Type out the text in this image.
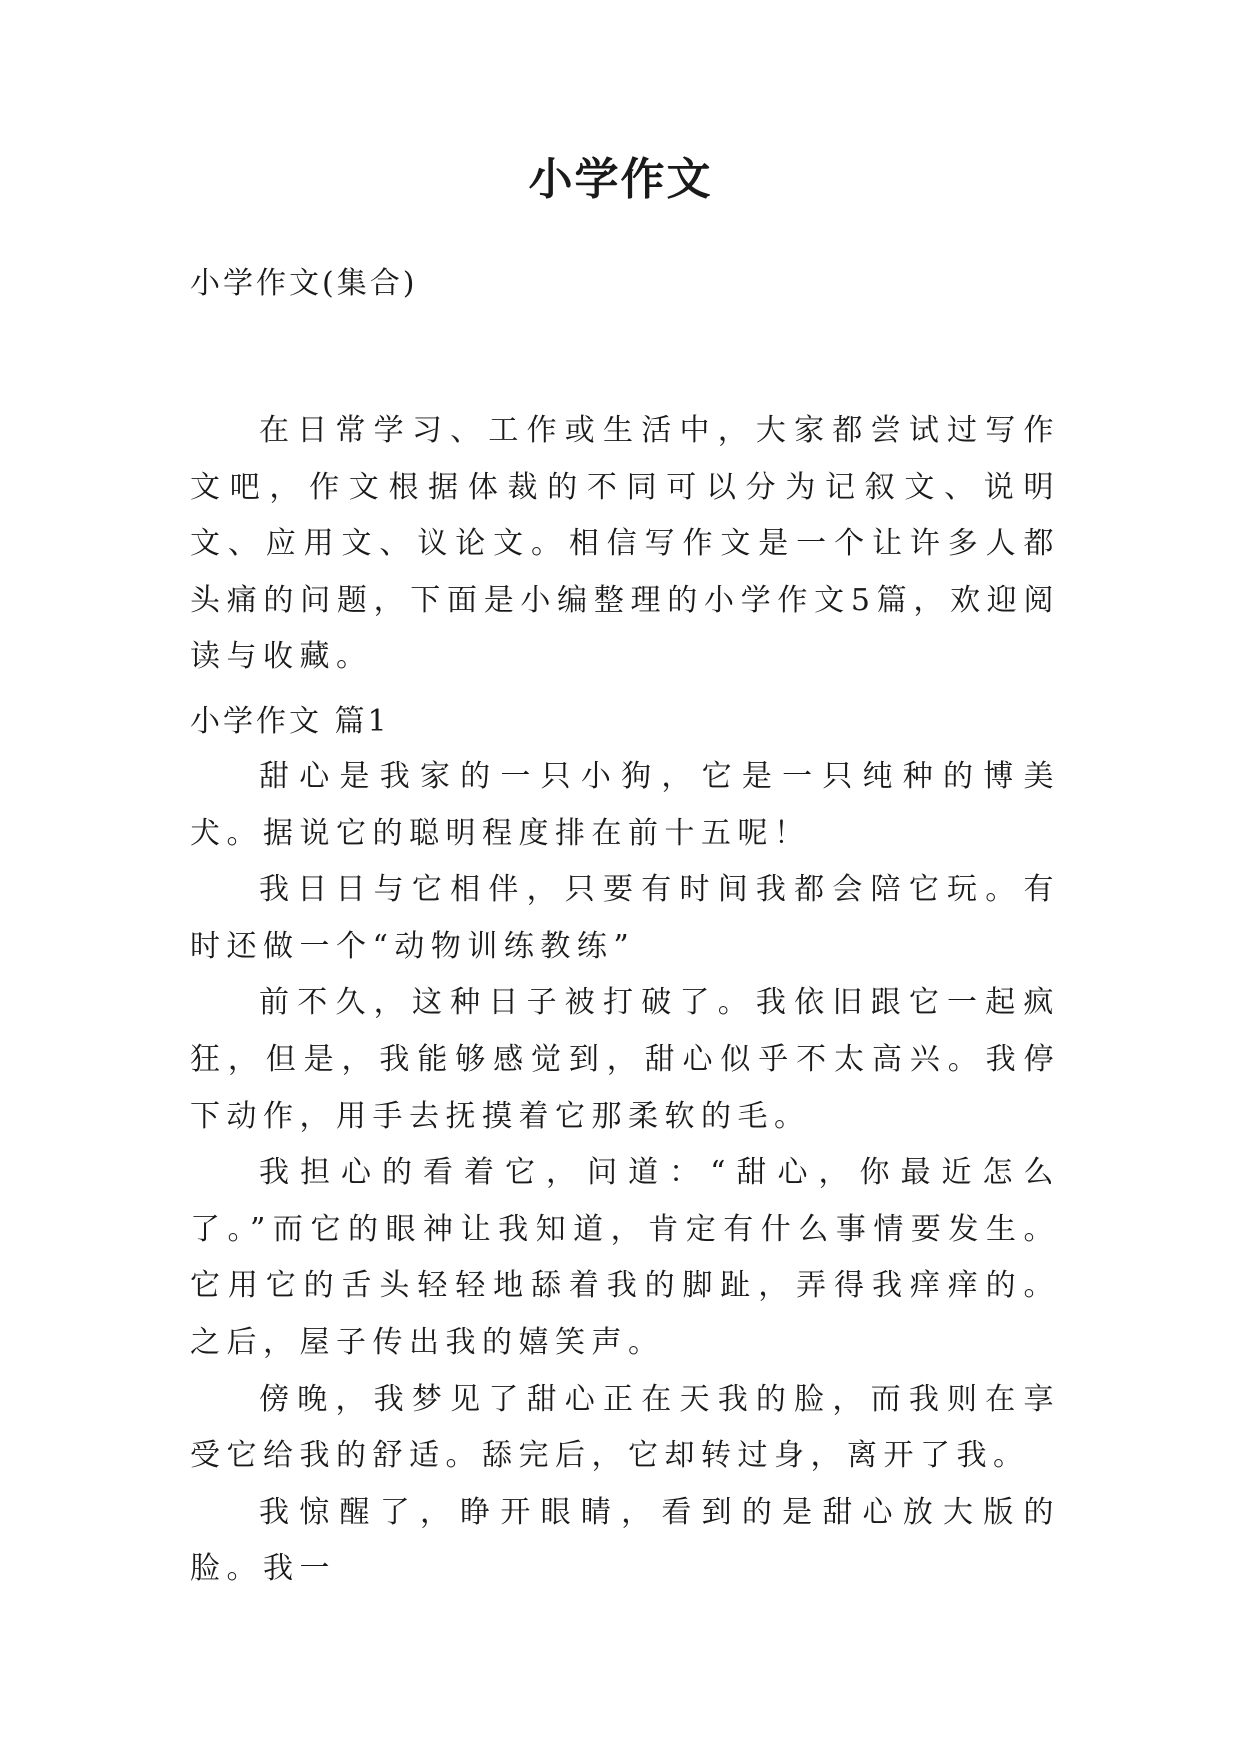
小学作文

小学作文(集合)

在日常学习、工作或生活中，大家都尝试过写作文吧，作文根据体裁的不同可以分为记叙文、说明文、应用文、议论文。相信写作文是一个让许多人都头痛的问题，下面是小编整理的小学作文5篇，欢迎阅读与收藏。

小学作文 篇1

甜心是我家的一只小狗，它是一只纯种的博美犬。据说它的聪明程度排在前十五呢！

我日日与它相伴，只要有时间我都会陪它玩。有时还做一个“动物训练教练”

前不久，这种日子被打破了。我依旧跟它一起疯狂，但是，我能够感觉到，甜心似乎不太高兴。我停下动作，用手去抚摸着它那柔软的毛。

我担心的看着它，问道：“甜心，你最近怎么了。”而它的眼神让我知道，肯定有什么事情要发生。它用它的舌头轻轻地舔着我的脚趾，弄得我痒痒的。之后，屋子传出我的嬉笑声。

傍晚，我梦见了甜心正在天我的脸，而我则在享受它给我的舒适。舔完后，它却转过身，离开了我。

我惊醒了，睁开眼睛，看到的是甜心放大版的脸。我一
